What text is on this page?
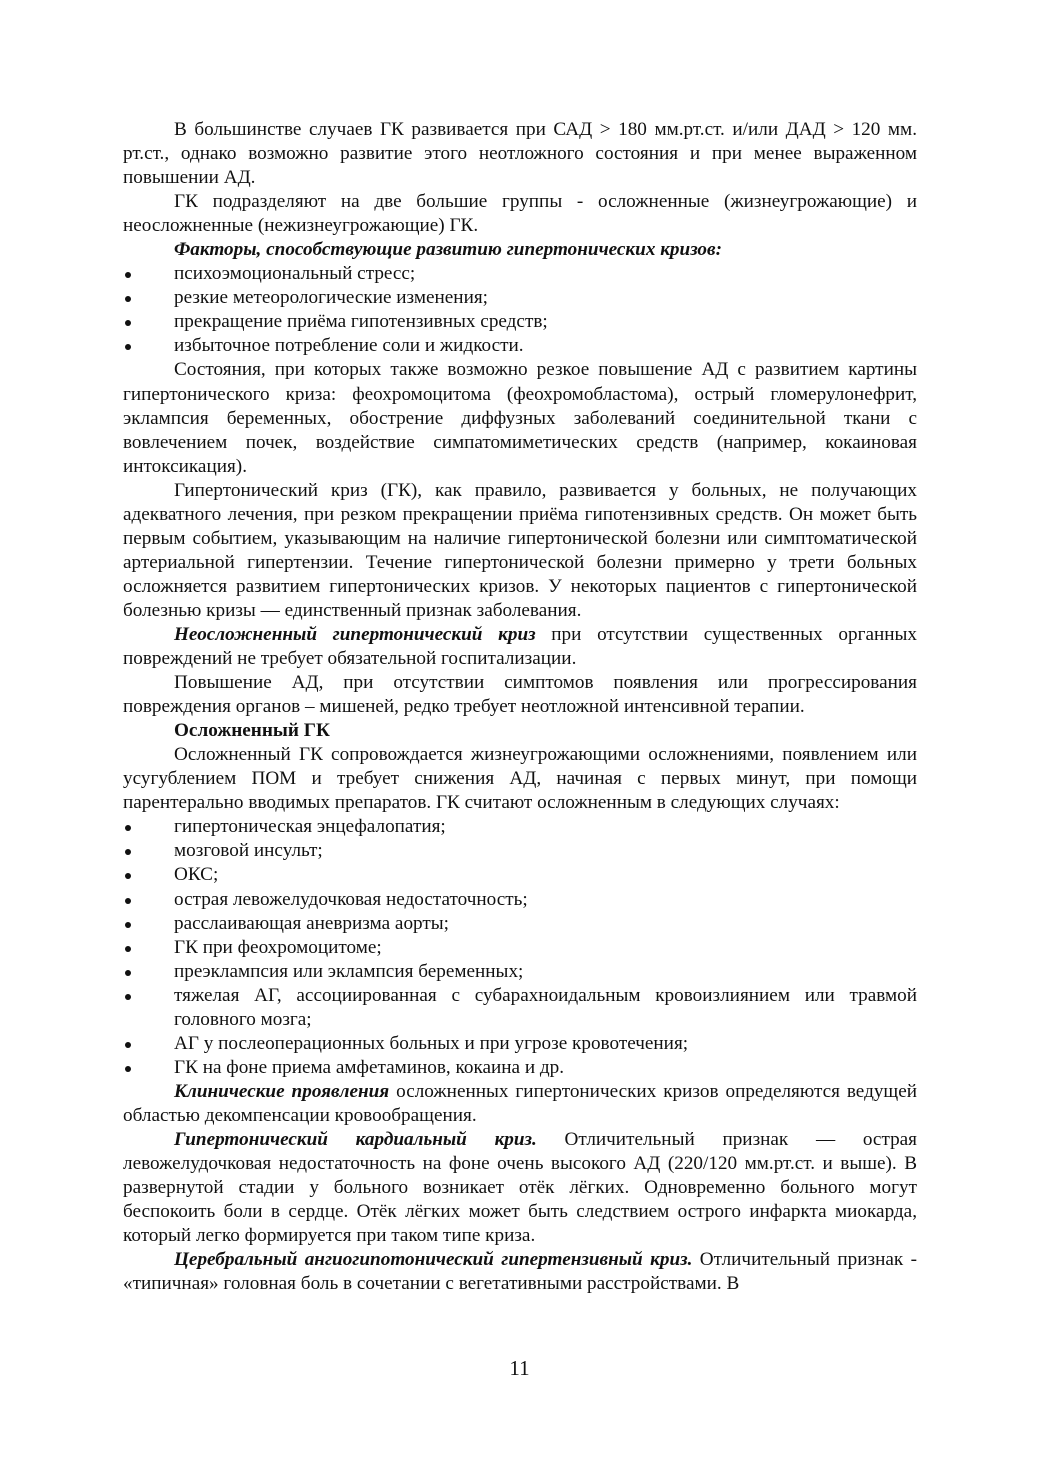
В большинстве случаев ГК развивается при САД > 180 мм.рт.ст. и/или ДАД > 120 мм. рт.ст., однако возможно развитие этого неотложного состояния и при менее выраженном повышении АД.

ГК подразделяют на две большие группы - осложненные (жизнеугрожающие) и неосложненные (нежизнеугрожающие) ГК.

Факторы, способствующие развитию гипертонических кризов:

психоэмоциональный стресс;
резкие метеорологические изменения;
прекращение приёма гипотензивных средств;
избыточное потребление соли и жидкости.

Состояния, при которых также возможно резкое повышение АД с развитием картины гипертонического криза: феохромоцитома (феохромобластома), острый гломерулонефрит, эклампсия беременных, обострение диффузных заболеваний соединительной ткани с вовлечением почек, воздействие симпатомиметических средств (например, кокаиновая интоксикация).

Гипертонический криз (ГК), как правило, развивается у больных, не получающих адекватного лечения, при резком прекращении приёма гипотензивных средств. Он может быть первым событием, указывающим на наличие гипертонической болезни или симптоматической артериальной гипертензии. Течение гипертонической болезни примерно у трети больных осложняется развитием гипертонических кризов. У некоторых пациентов с гипертонической болезнью кризы — единственный признак заболевания.

Неосложненный гипертонический криз при отсутствии существенных органных повреждений не требует обязательной госпитализации.

Повышение АД, при отсутствии симптомов появления или прогрессирования повреждения органов – мишеней, редко требует неотложной интенсивной терапии.

Осложненный ГК

Осложненный ГК сопровождается жизнеугрожающими осложнениями, появлением или усугублением ПОМ и требует снижения АД, начиная с первых минут, при помощи парентерально вводимых препаратов. ГК считают осложненным в следующих случаях:

гипертоническая энцефалопатия;
мозговой инсульт;
ОКС;
острая левожелудочковая недостаточность;
расслаивающая аневризма аорты;
ГК при феохромоцитоме;
преэклампсия или эклампсия беременных;
тяжелая АГ, ассоциированная с субарахноидальным кровоизлиянием или травмой головного мозга;
АГ у послеоперационных больных и при угрозе кровотечения;
ГК на фоне приема амфетаминов, кокаина и др.

Клинические проявления осложненных гипертонических кризов определяются ведущей областью декомпенсации кровообращения.

Гипертонический кардиальный криз. Отличительный признак — острая левожелудочковая недостаточность на фоне очень высокого АД (220/120 мм.рт.ст. и выше). В развернутой стадии у больного возникает отёк лёгких. Одновременно больного могут беспокоить боли в сердце. Отёк лёгких может быть следствием острого инфаркта миокарда, который легко формируется при таком типе криза.

Церебральный ангиогипотонический гипертензивный криз. Отличительный признак - «типичная» головная боль в сочетании с вегетативными расстройствами. В

11
